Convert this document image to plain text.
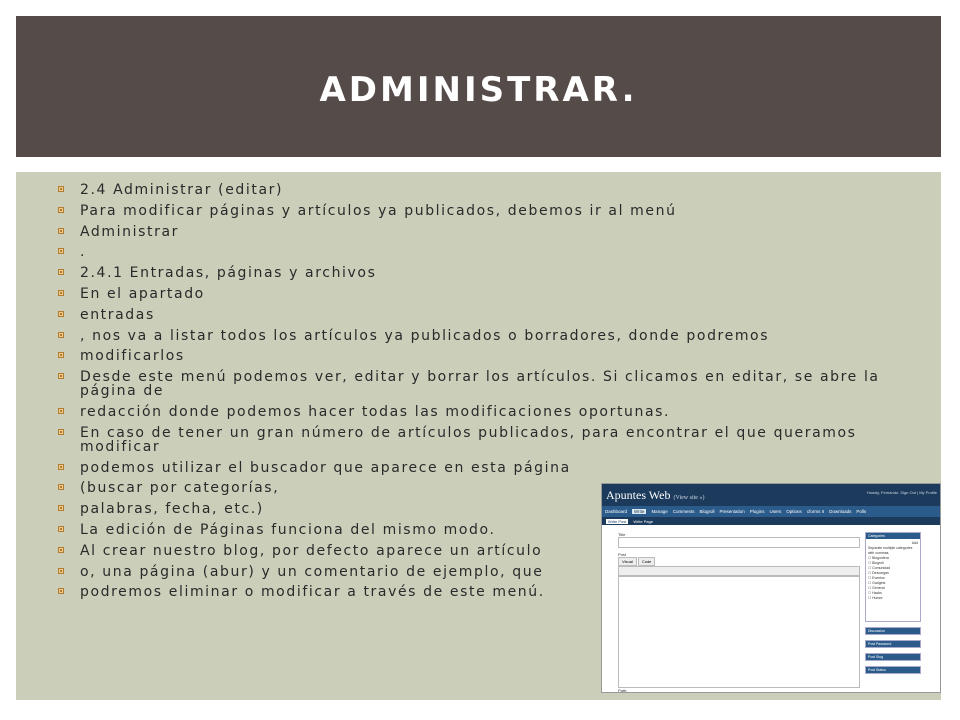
ADMINISTRAR.
2.4 Administrar (editar)
Para modificar páginas y artículos ya publicados, debemos ir al menú
Administrar
.
2.4.1 Entradas, páginas y archivos
En el apartado
entradas
, nos va a listar todos los artículos ya publicados o borradores, donde podremos
modificarlos
Desde este menú podemos ver, editar y borrar los artículos. Si clicamos en editar, se abre la página de
redacción donde podemos hacer todas las modificaciones oportunas.
En caso de tener un gran número de artículos publicados, para encontrar el que queramos modificar
podemos utilizar el buscador que aparece en esta página
(buscar por categorías,
palabras, fecha, etc.)
La edición de Páginas funciona del mismo modo.
Al crear nuestro blog, por defecto aparece un artículo
o, una página (abur) y un comentario de ejemplo, que
podremos eliminar o modificar a través de este menú.
Apuntes Web (View site »)
Howdy, Fernando. Sign Out | My Profile
Dashboard	Write	Manage Comments Blogroll Presentation Plugins Users Options cforms II Downloads Polls
Write Post	Write Page
Title
Post
Visual	Code
Path:
Categories
Add
Separate multiple categories with commas.
☐ Blogosfera
☐ Blogroll
☐ Comunidad
☐ Descargas
☐ Eventos
☐ Gadgets
☐ General
☐ Hacks
☐ Humor
Discussion
Post Password
Post Slug
Post Status
